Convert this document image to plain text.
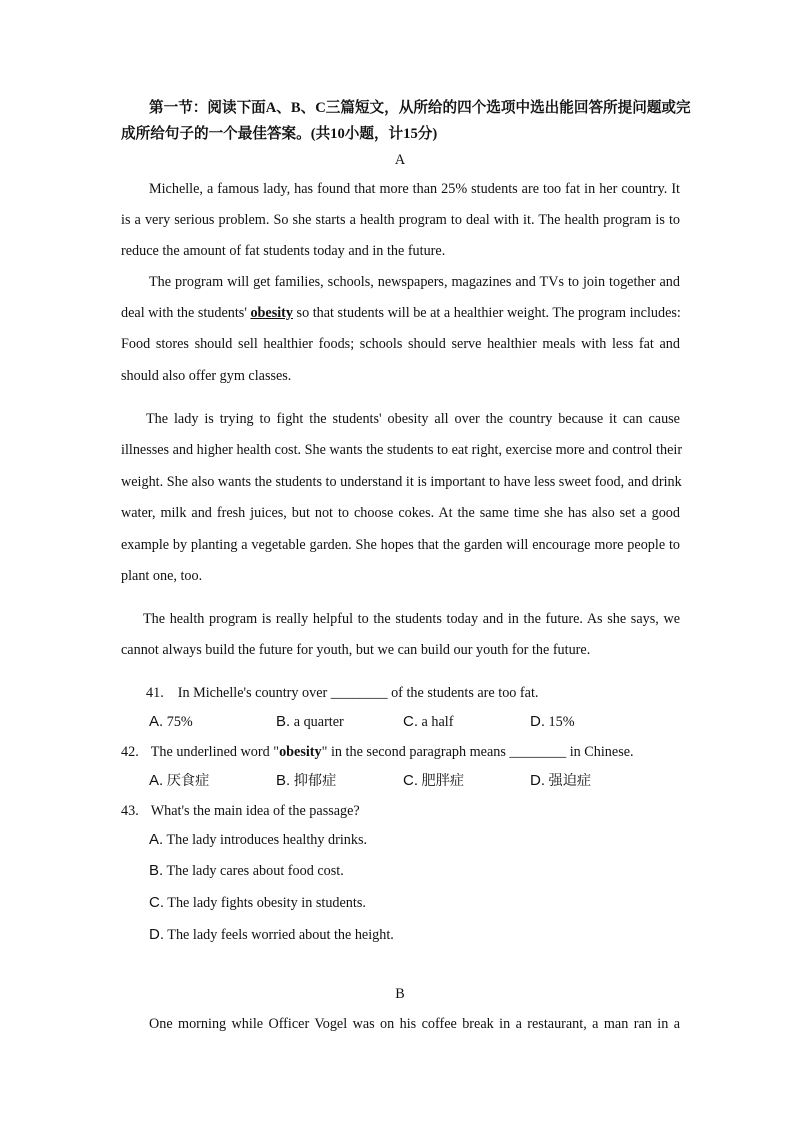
第一节：阅读下面A、B、C三篇短文，从所给的四个选项中选出能回答所提问题或完
成所给句子的一个最佳答案。(共10小题，计15分)
A
Michelle, a famous lady, has found that more than 25% students are too fat in her country. It
is a very serious problem. So she starts a health program to deal with it. The health program is to
reduce the amount of fat students today and in the future.
The program will get families, schools, newspapers, magazines and TVs to join together and
deal with the students' obesity so that students will be at a healthier weight. The program includes:
Food stores should sell healthier foods; schools should serve healthier meals with less fat and
should also offer gym classes.
The lady is trying to fight the students' obesity all over the country because it can cause
illnesses and higher health cost. She wants the students to eat right, exercise more and control their
weight. She also wants the students to understand it is important to have less sweet food, and drink
water, milk and fresh juices, but not to choose cokes. At the same time she has also set a good
example by planting a vegetable garden. She hopes that the garden will encourage more people to
plant one, too.
The health program is really helpful to the students today and in the future. As she says, we
cannot always build the future for youth, but we can build our youth for the future.
41. In Michelle's country over ________ of the students are too fat.
A. 75%	B. a quarter	C. a half	D. 15%
42. The underlined word "obesity" in the second paragraph means ________ in Chinese.
A. 厌食症	B. 抑郁症	C. 肥胖症	D. 强迫症
43. What's the main idea of the passage?
A. The lady introduces healthy drinks.
B. The lady cares about food cost.
C. The lady fights obesity in students.
D. The lady feels worried about the height.
B
One morning while Officer Vogel was on his coffee break in a restaurant, a man ran in a
